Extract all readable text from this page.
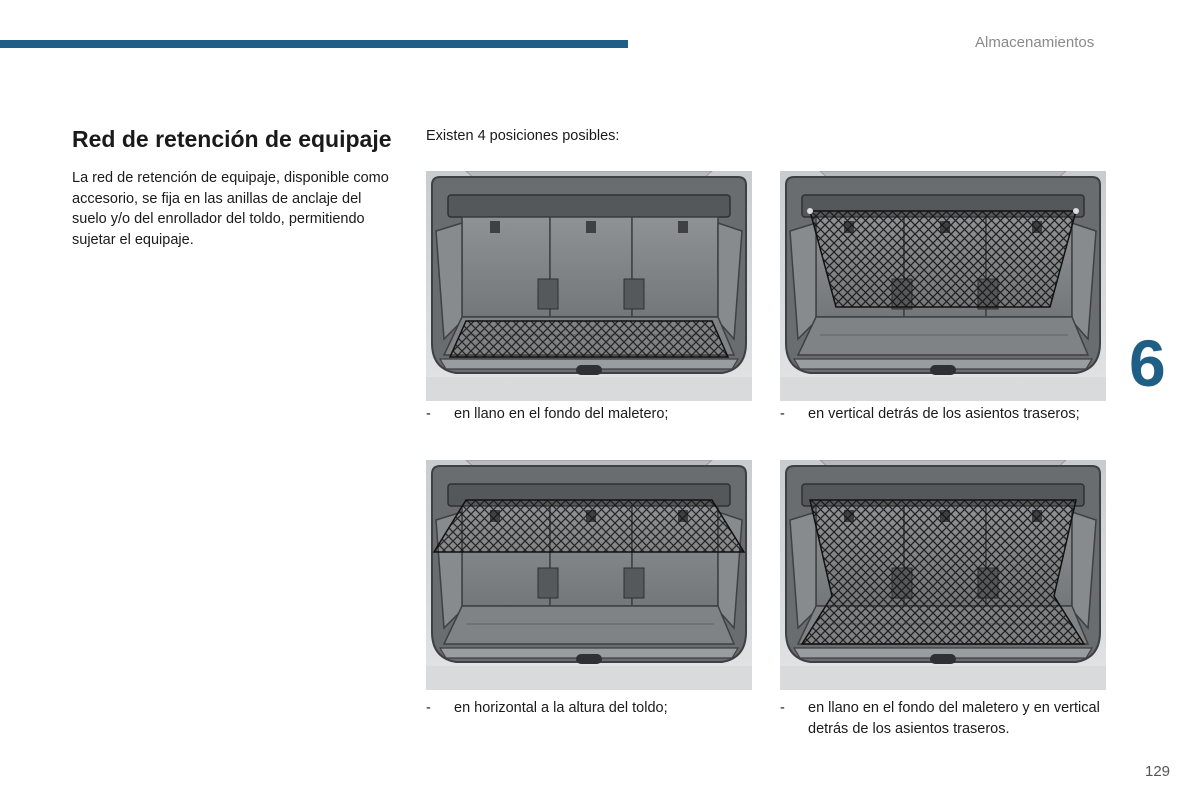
Almacenamientos
6
129
Red de retención de equipaje

La red de retención de equipaje, disponible como accesorio, se fija en las anillas de anclaje del suelo y/o del enrollador del toldo, permitiendo sujetar el equipaje.

Existen 4 posiciones posibles:

-	en llano en el fondo del maletero;	-	en vertical detrás de los asientos traseros;
-	en horizontal a la altura del toldo;	-	en llano en el fondo del maletero y en vertical detrás de los asientos traseros.
